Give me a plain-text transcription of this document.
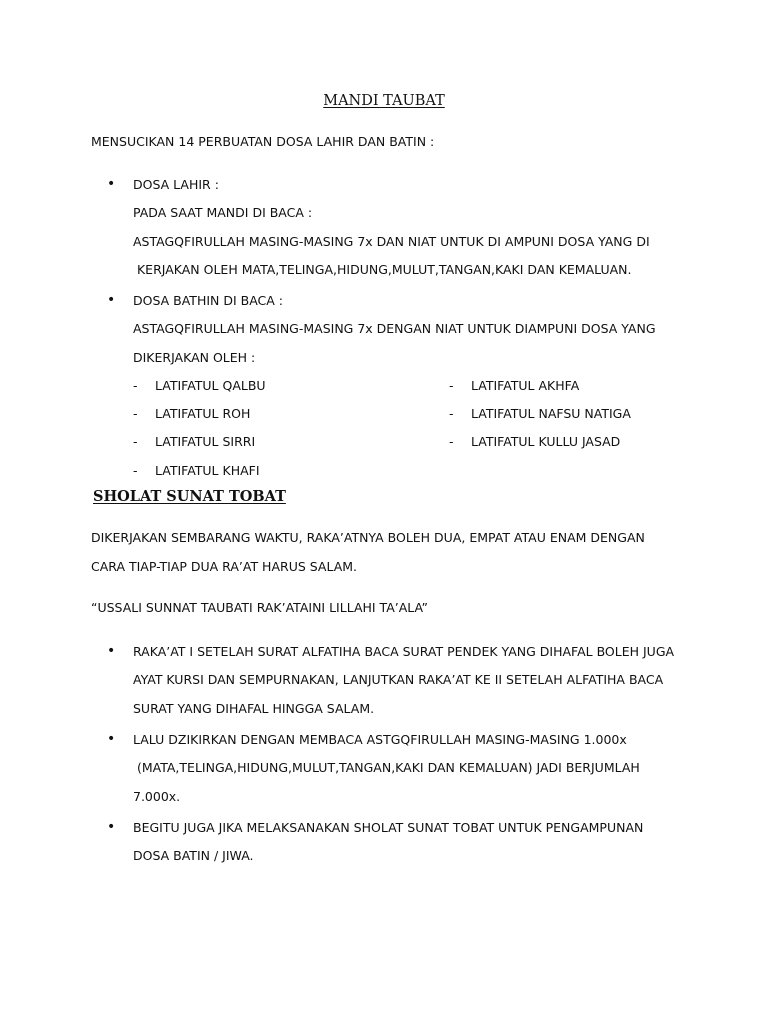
MANDI TAUBAT
MENSUCIKAN 14 PERBUATAN DOSA LAHIR DAN BATIN :
• DOSA LAHIR :
PADA SAAT MANDI DI BACA :
ASTAGQFIRULLAH MASING-MASING 7x DAN NIAT UNTUK DI AMPUNI DOSA YANG DI
KERJAKAN OLEH MATA,TELINGA,HIDUNG,MULUT,TANGAN,KAKI DAN KEMALUAN.
• DOSA BATHIN DI BACA :
ASTAGQFIRULLAH MASING-MASING 7x DENGAN NIAT UNTUK DIAMPUNI DOSA YANG
DIKERJAKAN OLEH :
- LATIFATUL QALBU
- LATIFATUL ROH
- LATIFATUL SIRRI
- LATIFATUL KHAFI
- LATIFATUL AKHFA
- LATIFATUL NAFSU NATIGA
- LATIFATUL KULLU JASAD
SHOLAT SUNAT TOBAT
DIKERJAKAN SEMBARANG WAKTU, RAKA’ATNYA BOLEH DUA, EMPAT ATAU ENAM DENGAN
CARA TIAP-TIAP DUA RA’AT HARUS SALAM.
“USSALI SUNNAT TAUBATI RAK’ATAINI LILLAHI TA’ALA”
• RAKA’AT I SETELAH SURAT ALFATIHA BACA SURAT PENDEK YANG DIHAFAL BOLEH JUGA
AYAT KURSI DAN SEMPURNAKAN, LANJUTKAN RAKA’AT KE II SETELAH ALFATIHA BACA
SURAT YANG DIHAFAL HINGGA SALAM.
• LALU DZIKIRKAN DENGAN MEMBACA ASTGQFIRULLAH MASING-MASING 1.000x
(MATA,TELINGA,HIDUNG,MULUT,TANGAN,KAKI DAN KEMALUAN) JADI BERJUMLAH
7.000x.
• BEGITU JUGA JIKA MELAKSANAKAN SHOLAT SUNAT TOBAT UNTUK PENGAMPUNAN
DOSA BATIN / JIWA.
